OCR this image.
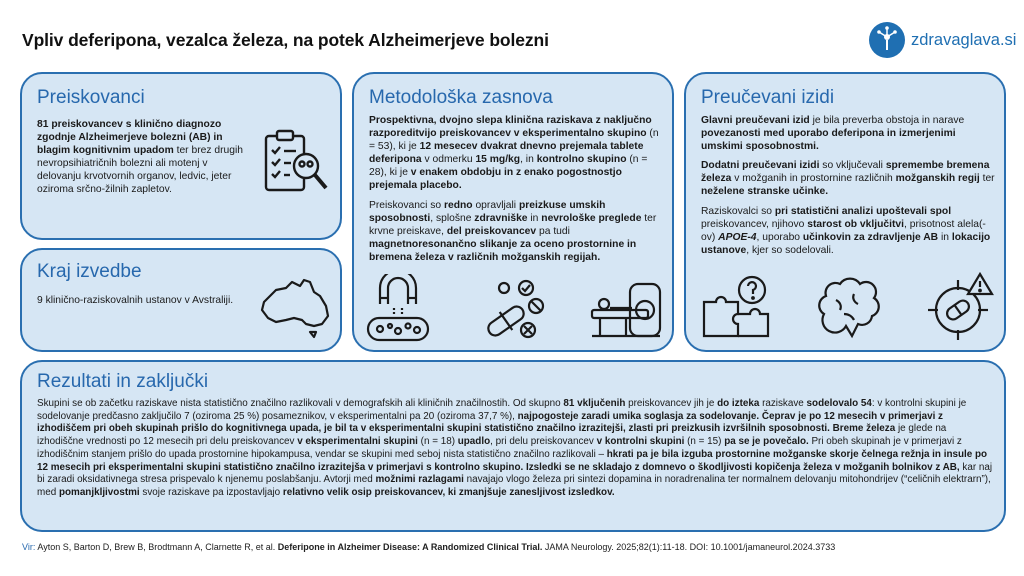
Vpliv deferipona, vezalca železa, na potek Alzheimerjeve bolezni	zdravaglava.si
Preiskovanci
81 preiskovancev s klinično diagnozo zgodnje Alzheimerjeve bolezni (AB) in blagim kognitivnim upadom ter brez drugih nevropsihiatričnih bolezni ali motenj v delovanju krvotvornih organov, ledvic, jeter oziroma srčno-žilnih zapletov.
Kraj izvedbe
9 klinično-raziskovalnih ustanov v Avstraliji.
Metodološka zasnova

Prospektivna, dvojno slepa klinična raziskava z naključno razporeditvijo preiskovancev v eksperimentalno skupino (n = 53), ki je 12 mesecev dvakrat dnevno prejemala tablete deferipona v odmerku 15 mg/kg, in kontrolno skupino (n = 28), ki je v enakem obdobju in z enako pogostnostjo prejemala placebo.

Preiskovanci so redno opravljali preizkuse umskih sposobnosti, splošne zdravniške in nevrološke preglede ter krvne preiskave, del preiskovancev pa tudi magnetnoresonančno slikanje za oceno prostornine in bremena železa v različnih možganskih regijah.

Preučevani izidi

Glavni preučevani izid je bila preverba obstoja in narave povezanosti med uporabo deferipona in izmerjenimi umskimi sposobnostmi.

Dodatni preučevani izidi so vključevali spremembe bremena železa v možganih in prostornine različnih možganskih regij ter neželene stranske učinke.

Raziskovalci so pri statistični analizi upoštevali spol preiskovancev, njihovo starost ob vključitvi, prisotnost alela(-ov) APOE-4, uporabo učinkovin za zdravljenje AB in lokacijo ustanove, kjer so sodelovali.

Rezultati in zaključki
Skupini se ob začetku raziskave nista statistično značilno razlikovali v demografskih ali kliničnih značilnostih. Od skupno 81 vključenih preiskovancev jih je do izteka raziskave sodelovalo 54: v kontrolni skupini je sodelovanje predčasno zaključilo 7 (oziroma 25 %) posameznikov, v eksperimentalni pa 20 (oziroma 37,7 %), najpogosteje zaradi umika soglasja za sodelovanje. Čeprav je po 12 mesecih v primerjavi z izhodiščem pri obeh skupinah prišlo do kognitivnega upada, je bil ta v eksperimentalni skupini statistično značilno izrazitejši, zlasti pri preizkusih izvršilnih sposobnosti. Breme železa je glede na izhodiščne vrednosti po 12 mesecih pri delu preiskovancev v eksperimentalni skupini (n = 18) upadlo, pri delu preiskovancev v kontrolni skupini (n = 15) pa se je povečalo. Pri obeh skupinah je v primerjavi z izhodiščnim stanjem prišlo do upada prostornine hipokampusa, vendar se skupini med seboj nista statistično značilno razlikovali – hkrati pa je bila izguba prostornine možganske skorje čelnega režnja in insule po 12 mesecih pri eksperimentalni skupini statistično značilno izrazitejša v primerjavi s kontrolno skupino. Izsledki se ne skladajo z domnevo o škodljivosti kopičenja železa v možganih bolnikov z AB, kar naj bi zaradi oksidativnega stresa prispevalo k njenemu poslabšanju. Avtorji med možnimi razlagami navajajo vlogo železa pri sintezi dopamina in noradrenalina ter normalnem delovanju mitohondrijev (“celičnih elektrarn”), med pomanjkljivostmi svoje raziskave pa izpostavljajo relativno velik osip preiskovancev, ki zmanjšuje zanesljivost izsledkov.
Vir: Ayton S, Barton D, Brew B, Brodtmann A, Clarnette R, et al. Deferipone in Alzheimer Disease: A Randomized Clinical Trial. JAMA Neurology. 2025;82(1):11-18. DOI: 10.1001/jamaneurol.2024.3733
